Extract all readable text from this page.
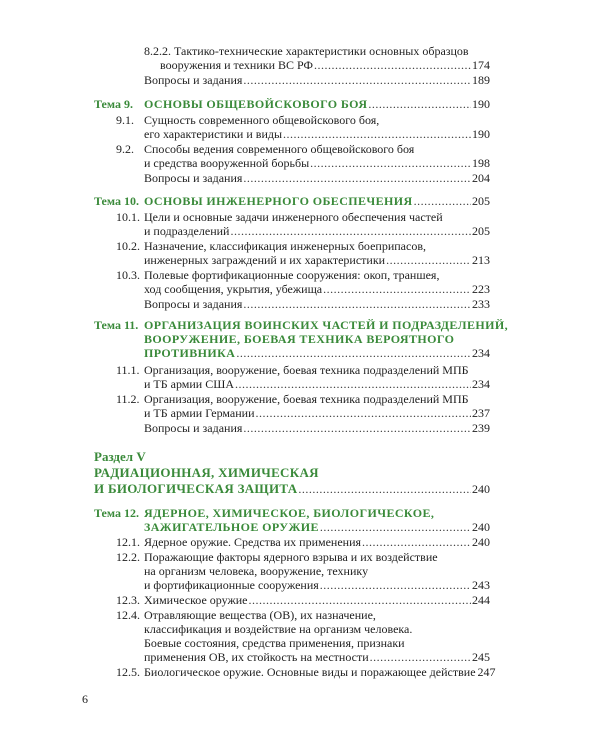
8.2.2.
Тактико-технические характеристики основных образцов
вооружения и техники ВС РФ .....	174
Вопросы и задания .....	189
Тема 9. ОСНОВЫ ОБЩЕВОЙСКОВОГО БОЯ .....	190
9.1. Сущность современного общевойскового боя,
его характеристики и виды .....	190
9.2. Способы ведения современного общевойскового боя
и средства вооруженной борьбы .....	198
Вопросы и задания .....	204
Тема 10. ОСНОВЫ ИНЖЕНЕРНОГО ОБЕСПЕЧЕНИЯ .....	205
10.1. Цели и основные задачи инженерного обеспечения частей
и подразделений .....	205
10.2. Назначение, классификация инженерных боеприпасов,
инженерных заграждений и их характеристики .....	213
10.3. Полевые фортификационные сооружения: окоп, траншея,
ход сообщения, укрытия, убежища .....	223
Вопросы и задания .....	233
Тема 11. ОРГАНИЗАЦИЯ ВОИНСКИХ ЧАСТЕЙ И ПОДРАЗДЕЛЕНИЙ,
ВООРУЖЕНИЕ, БОЕВАЯ ТЕХНИКА ВЕРОЯТНОГО
ПРОТИВНИКА .....	234
11.1. Организация, вооружение, боевая техника подразделений МПБ
и ТБ армии США .....	234
11.2. Организация, вооружение, боевая техника подразделений МПБ
и ТБ армии Германии .....	237
Вопросы и задания .....	239
Раздел V
РАДИАЦИОННАЯ, ХИМИЧЕСКАЯ
И БИОЛОГИЧЕСКАЯ ЗАЩИТА .....	240
Тема 12. ЯДЕРНОЕ, ХИМИЧЕСКОЕ, БИОЛОГИЧЕСКОЕ,
ЗАЖИГАТЕЛЬНОЕ ОРУЖИЕ .....	240
12.1. Ядерное оружие. Средства их применения .....	240
12.2. Поражающие факторы ядерного взрыва и их воздействие
на организм человека, вооружение, технику
и фортификационные сооружения .....	243
12.3. Химическое оружие .....	244
12.4. Отравляющие вещества (ОВ), их назначение,
классификация и воздействие на организм человека.
Боевые состояния, средства применения, признаки
применения ОВ, их стойкость на местности .....	245
12.5. Биологическое оружие. Основные виды и поражающее действие 247
6
